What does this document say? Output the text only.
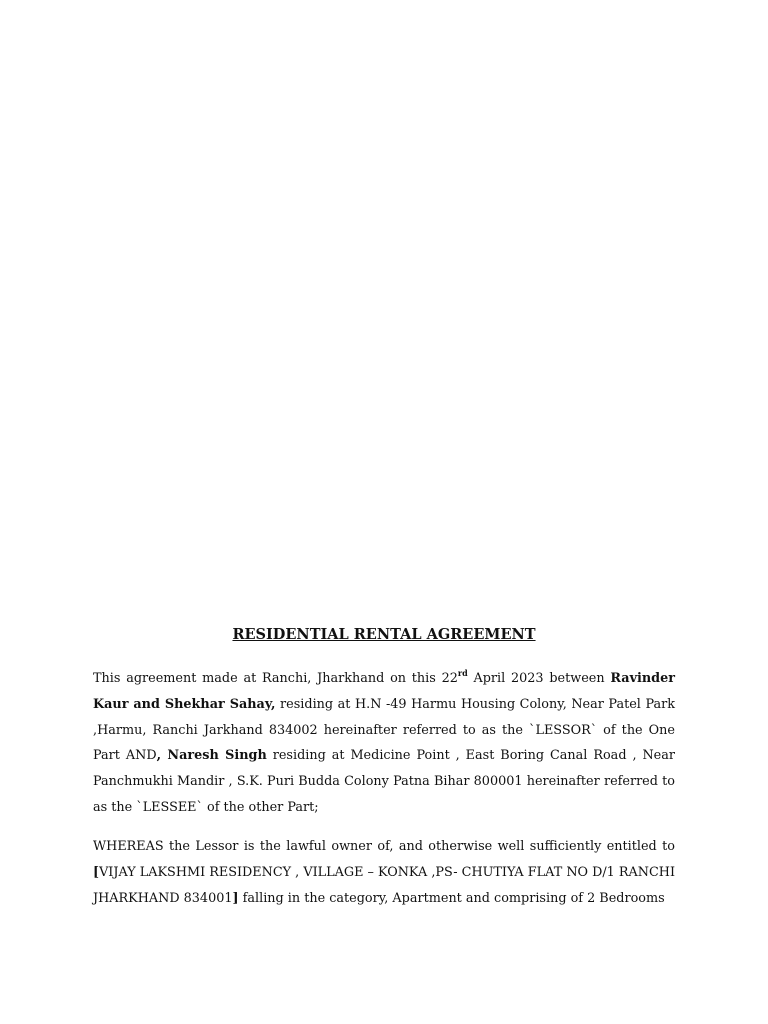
RESIDENTIAL RENTAL AGREEMENT

This agreement made at Ranchi, Jharkhand on this 22rd April 2023 between Ravinder Kaur and Shekhar Sahay, residing at H.N -49 Harmu Housing Colony, Near Patel Park ,Harmu, Ranchi Jarkhand 834002 hereinafter referred to as the `LESSOR` of the One Part AND, Naresh Singh residing at Medicine Point , East Boring Canal Road , Near Panchmukhi Mandir , S.K. Puri Budda Colony Patna Bihar 800001 hereinafter referred to as the `LESSEE` of the other Part;

WHEREAS the Lessor is the lawful owner of, and otherwise well sufficiently entitled to [VIJAY LAKSHMI RESIDENCY , VILLAGE – KONKA ,PS- CHUTIYA FLAT NO D/1 RANCHI JHARKHAND 834001] falling in the category, Apartment and comprising of 2 Bedrooms
